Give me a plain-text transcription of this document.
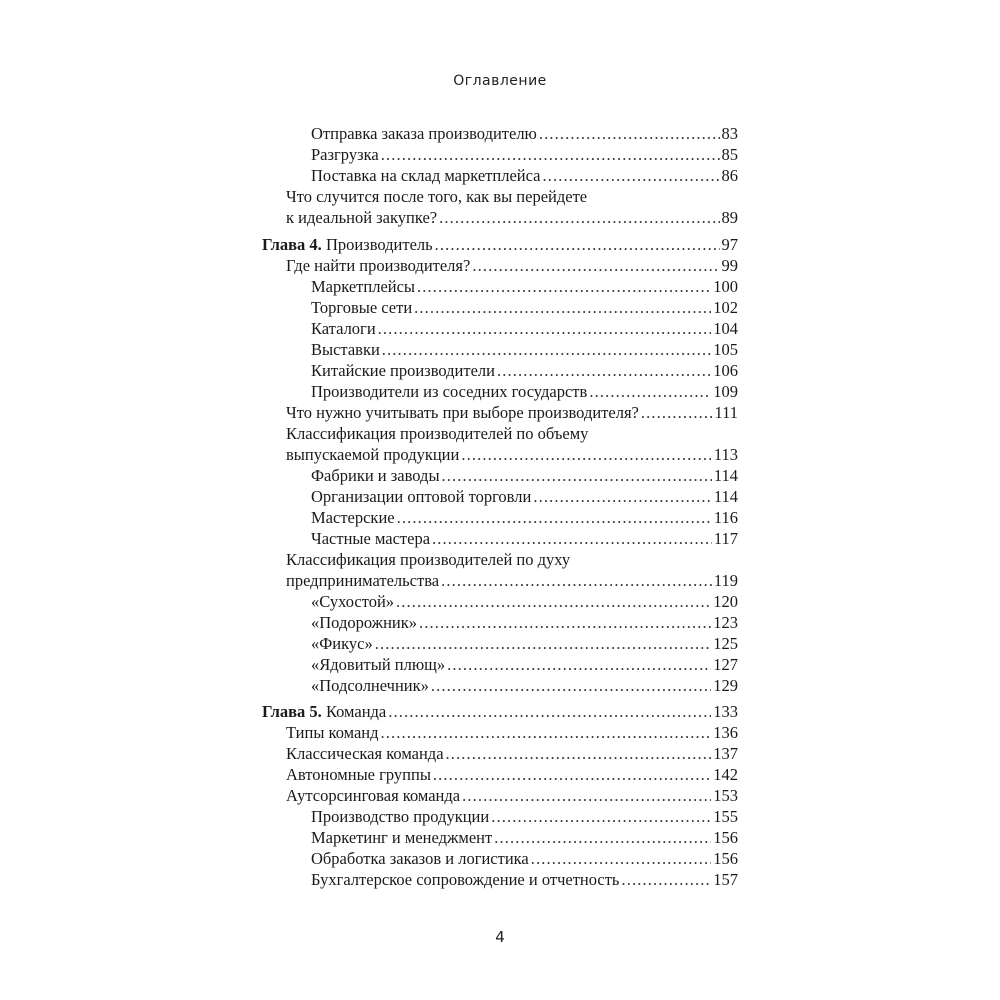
Оглавление
Отправка заказа производителю . . .	83
Разгрузка . . .	85
Поставка на склад маркетплейса . . .	86
Что случится после того, как вы перейдете
к идеальной закупке? . . .	89
Глава 4. Производитель . . .	97
Где найти производителя? . . .	99
Маркетплейсы . . .	100
Торговые сети . . .	102
Каталоги . . .	104
Выставки . . .	105
Китайские производители . . .	106
Производители из соседних государств . . .	109
Что нужно учитывать при выборе производителя? . . .	111
Классификация производителей по объему
выпускаемой продукции . . .	113
Фабрики и заводы . . .	114
Организации оптовой торговли . . .	114
Мастерские . . .	116
Частные мастера . . .	117
Классификация производителей по духу
предпринимательства . . .	119
«Сухостой» . . .	120
«Подорожник» . . .	123
«Фикус» . . .	125
«Ядовитый плющ» . . .	127
«Подсолнечник» . . .	129
Глава 5. Команда . . .	133
Типы команд . . .	136
Классическая команда . . .	137
Автономные группы . . .	142
Аутсорсинговая команда . . .	153
Производство продукции . . .	155
Маркетинг и менеджмент . . .	156
Обработка заказов и логистика . . .	156
Бухгалтерское сопровождение и отчетность . . .	157
4
